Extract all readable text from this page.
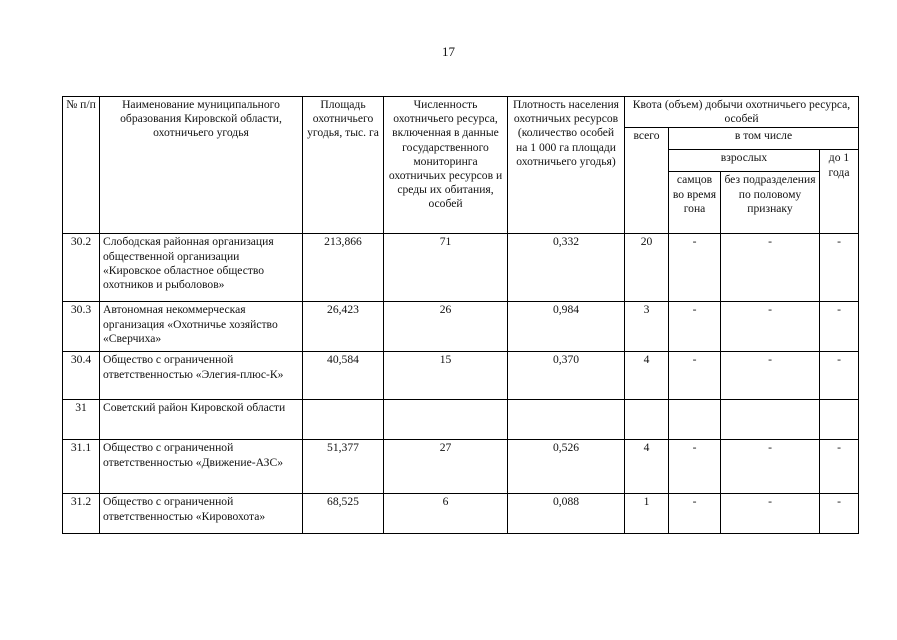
17
№ п/п	Наименование муниципального образования Кировской области, охотничьего угодья	Площадь охотничьего угодья, тыс. га	Численность охотничьего ресурса, включенная в данные государственного мониторинга охотничьих ресурсов и среды их обитания, особей	Плотность населения охотничьих ресурсов (количество особей на 1 000 га площади охотничьего угодья)	Квота (объем) добычи охотничьего ресурса, особей			
					всего	в том числе		
						взрослых		до 1 года
						самцов во время гона	без подразделения по половому признаку	
30.2	Слободская районная организация общественной организации «Кировское областное общество охотников и рыболовов»	213,866	71	0,332	20	-	-	-
30.3	Автономная некоммерческая организация «Охотничье хозяйство «Сверчиха»	26,423	26	0,984	3	-	-	-
30.4	Общество с ограниченной ответственностью «Элегия-плюс-К»	40,584	15	0,370	4	-	-	-
31	Советский район Кировской области							
31.1	Общество с ограниченной ответственностью «Движение-АЗС»	51,377	27	0,526	4	-	-	-
31.2	Общество с ограниченной ответственностью «Кировохота»	68,525	6	0,088	1	-	-	-
